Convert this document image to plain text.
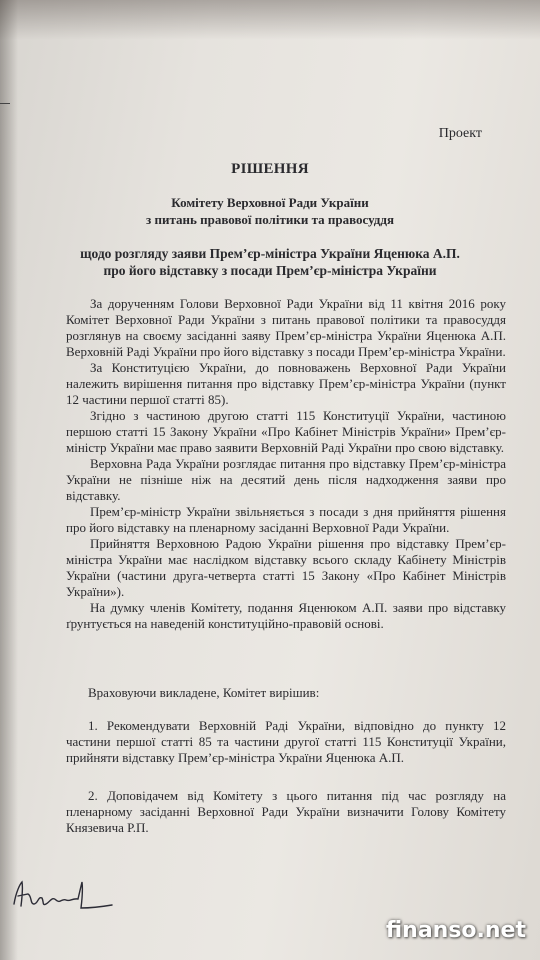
Проект
РІШЕННЯ
Комітету Верховної Ради України
з питань правової політики та правосуддя
щодо розгляду заяви Прем’єр-міністра України Яценюка А.П.
про його відставку з посади Прем’єр-міністра України

За дорученням Голови Верховної Ради України від 11 квітня 2016 року Комітет Верховної Ради України з питань правової політики та правосуддя розглянув на своєму засіданні заяву Прем’єр-міністра України Яценюка А.П. Верховній Раді України про його відставку з посади Прем’єр-міністра України.

За Конституцією України, до повноважень Верховної Ради України належить вирішення питання про відставку Прем’єр-міністра України (пункт 12 частини першої статті 85).

Згідно з частиною другою статті 115 Конституції України, частиною першою статті 15 Закону України «Про Кабінет Міністрів України» Прем’єр-міністр України має право заявити Верховній Раді України про свою відставку.

Верховна Рада України розглядає питання про відставку Прем’єр-міністра України не пізніше ніж на десятий день після надходження заяви про відставку.

Прем’єр-міністр України звільняється з посади з дня прийняття рішення про його відставку на пленарному засіданні Верховної Ради України.

Прийняття Верховною Радою України рішення про відставку Прем’єр-міністра України має наслідком відставку всього складу Кабінету Міністрів України (частини друга-четверта статті 15 Закону «Про Кабінет Міністрів України»).

На думку членів Комітету, подання Яценюком А.П. заяви про відставку ґрунтується на наведеній конституційно-правовій основі.

Враховуючи викладене, Комітет вирішив:

1. Рекомендувати Верховній Раді України, відповідно до пункту 12 частини першої статті 85 та частини другої статті 115 Конституції України, прийняти відставку Прем’єр-міністра України Яценюка А.П.

2. Доповідачем від Комітету з цього питання під час розгляду на пленарному засіданні Верховної Ради України визначити Голову Комітету Князевича Р.П.

finanso.net
